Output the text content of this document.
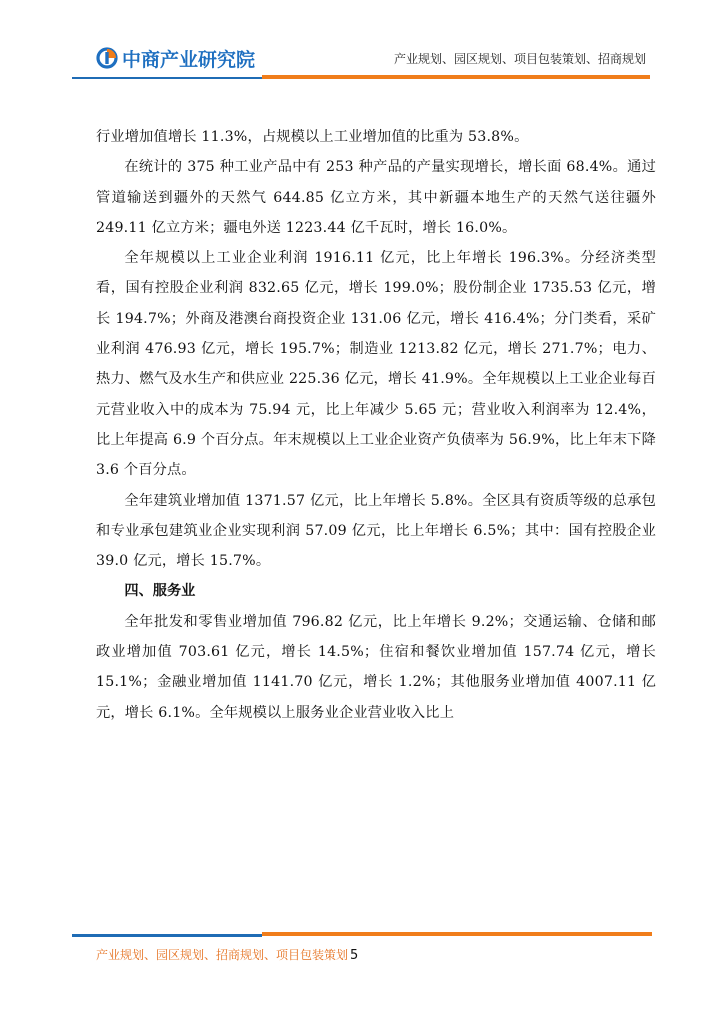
中商产业研究院	产业规划、园区规划、项目包装策划、招商规划

行业增加值增长 11.3%，占规模以上工业增加值的比重为 53.8%。

在统计的 375 种工业产品中有 253 种产品的产量实现增长，增长面 68.4%。通过管道输送到疆外的天然气 644.85 亿立方米，其中新疆本地生产的天然气送往疆外 249.11 亿立方米；疆电外送 1223.44 亿千瓦时，增长 16.0%。

全年规模以上工业企业利润 1916.11 亿元，比上年增长 196.3%。分经济类型看，国有控股企业利润 832.65 亿元，增长 199.0%；股份制企业 1735.53 亿元，增长 194.7%；外商及港澳台商投资企业 131.06 亿元，增长 416.4%；分门类看，采矿业利润 476.93 亿元，增长 195.7%；制造业 1213.82 亿元，增长 271.7%；电力、热力、燃气及水生产和供应业 225.36 亿元，增长 41.9%。全年规模以上工业企业每百元营业收入中的成本为 75.94 元，比上年减少 5.65 元；营业收入利润率为 12.4%，比上年提高 6.9 个百分点。年末规模以上工业企业资产负债率为 56.9%，比上年末下降 3.6 个百分点。

全年建筑业增加值 1371.57 亿元，比上年增长 5.8%。全区具有资质等级的总承包和专业承包建筑业企业实现利润 57.09 亿元，比上年增长 6.5%；其中：国有控股企业 39.0 亿元，增长 15.7%。

四、服务业

全年批发和零售业增加值 796.82 亿元，比上年增长 9.2%；交通运输、仓储和邮政业增加值 703.61 亿元，增长 14.5%；住宿和餐饮业增加值 157.74 亿元，增长 15.1%；金融业增加值 1141.70 亿元，增长 1.2%；其他服务业增加值 4007.11 亿元，增长 6.1%。全年规模以上服务业企业营业收入比上

产业规划、园区规划、招商规划、项目包装策划 5
